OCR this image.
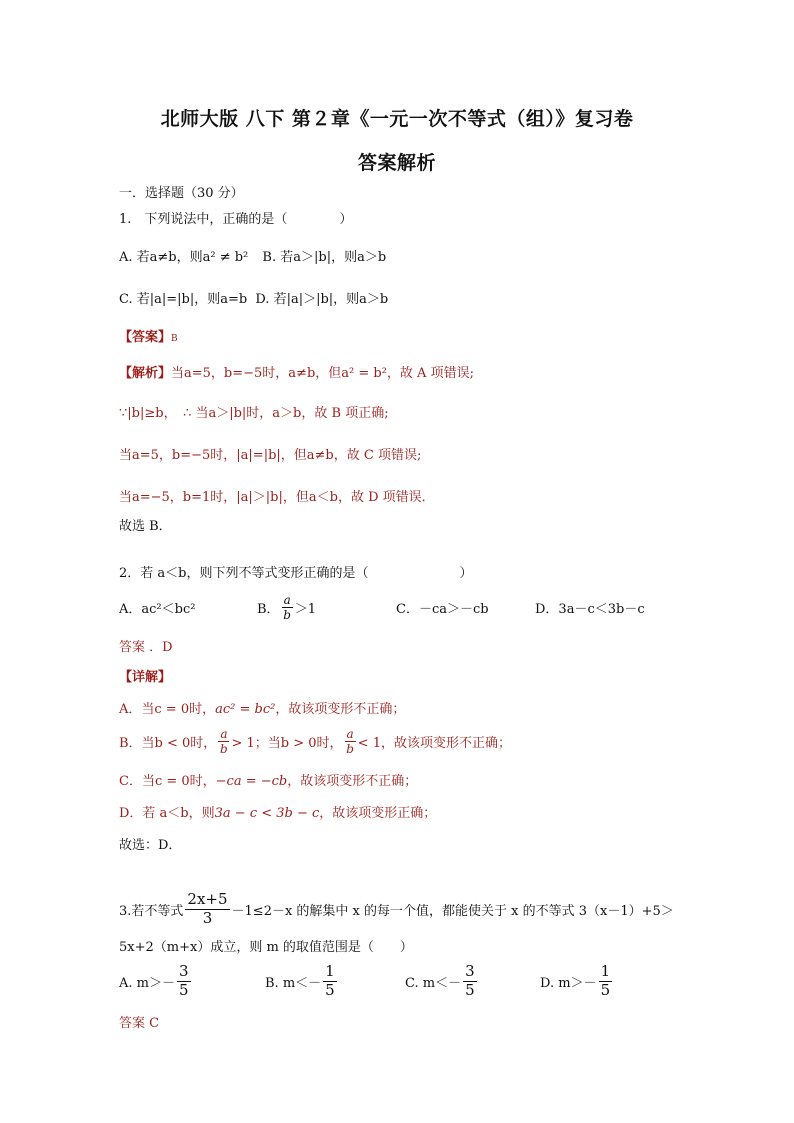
北师大版 八下 第２章《一元一次不等式（组）》复习卷
答案解析
一．选择题（30 分）
1.　下列说法中，正确的是（　　　　）
A. 若a≠b，则a² ≠ b² B. 若a＞|b|，则a＞b
C. 若|a|=|b|，则a=b D. 若|a|＞|b|，则a＞b
【答案】B
【解析】当a=5，b=−5时，a≠b，但a² = b²，故 A 项错误;
∵|b|≥b，　∴ 当a＞|b|时，a＞b，故 B 项正确;
当a=5，b=−5时，|a|=|b|，但a≠b，故 C 项错误;
当a=−5，b=1时，|a|＞|b|，但a＜b，故 D 项错误．
故选 B．
2．若 a＜b，则下列不等式变形正确的是（　　　　　　　）
A．ac²＜bc²	B． $\frac{a}{b} >1$	C．－ca＞－cb	D．3a－c＜3b－c
答案 ．D
【详解】
A．当c = 0时，ac² = bc²，故该项变形不正确；
B．当b < 0时， $\frac{a}{b} > 1$；当b > 0时， $\frac{a}{b} < 1$，故该项变形不正确；
C．当c = 0时，−ca = −cb，故该项变形不正确；
D．若 a＜b，则3a − c < 3b − c，故该项变形正确；
故选：D．
3.若不等式 $\frac{2x+5}{3} -1\le 2-x$ 的解集中 x 的每一个值，都能使关于 x 的不等式 3（x－1）+5＞
5x+2（m+x）成立，则 m 的取值范围是（　　）
A. $m>- \frac{3}{5}$	B. $m<- \frac{1}{5}$	C. $m<- \frac{3}{5}$	D. $m>- \frac{1}{5}$
答案 C
